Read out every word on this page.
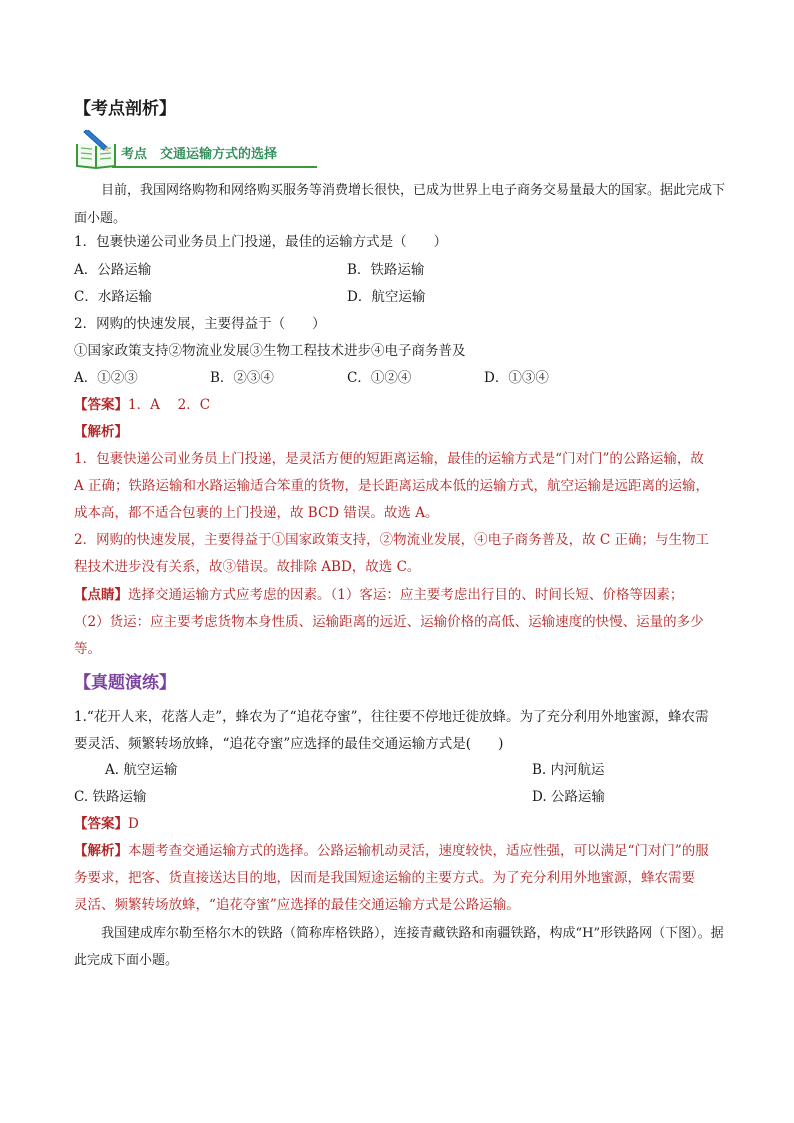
【考点剖析】
考点 交通运输方式的选择
目前，我国网络购物和网络购买服务等消费增长很快，已成为世界上电子商务交易量最大的国家。据此完成下面小题。
1．包裹快递公司业务员上门投递，最佳的运输方式是（　　）
A．公路运输	B．铁路运输
C．水路运输	D．航空运输
2．网购的快速发展，主要得益于（　　）
①国家政策支持②物流业发展③生物工程技术进步④电子商务普及
A．①②③	B．②③④	C．①②④	D．①③④
【答案】1．A　 2．C
【解析】
1．包裹快递公司业务员上门投递，是灵活方便的短距离运输，最佳的运输方式是“门对门”的公路运输，故
A 正确；铁路运输和水路运输适合笨重的货物，是长距离运成本低的运输方式，航空运输是远距离的运输，
成本高，都不适合包裹的上门投递，故 BCD 错误。故选 A。
2．网购的快速发展，主要得益于①国家政策支持，②物流业发展，④电子商务普及，故 C 正确；与生物工
程技术进步没有关系，故③错误。故排除 ABD，故选 C。
【点睛】选择交通运输方式应考虑的因素。（1）客运：应主要考虑出行目的、时间长短、价格等因素；
（2）货运：应主要考虑货物本身性质、运输距离的远近、运输价格的高低、运输速度的快慢、运量的多少
等。
【真题演练】
1.“花开人来，花落人走”，蜂农为了“追花夺蜜”，往往要不停地迁徙放蜂。为了充分利用外地蜜源，蜂农需
要灵活、频繁转场放蜂，“追花夺蜜”应选择的最佳交通运输方式是(　　)
A. 航空运输	B. 内河航运
C. 铁路运输	D. 公路运输
【答案】D
【解析】本题考查交通运输方式的选择。公路运输机动灵活，速度较快，适应性强，可以满足“门对门”的服
务要求，把客、货直接送达目的地，因而是我国短途运输的主要方式。为了充分利用外地蜜源，蜂农需要
灵活、频繁转场放蜂，“追花夺蜜”应选择的最佳交通运输方式是公路运输。
我国建成库尔勒至格尔木的铁路（简称库格铁路），连接青藏铁路和南疆铁路，构成“H”形铁路网（下图）。据此完成下面小题。
